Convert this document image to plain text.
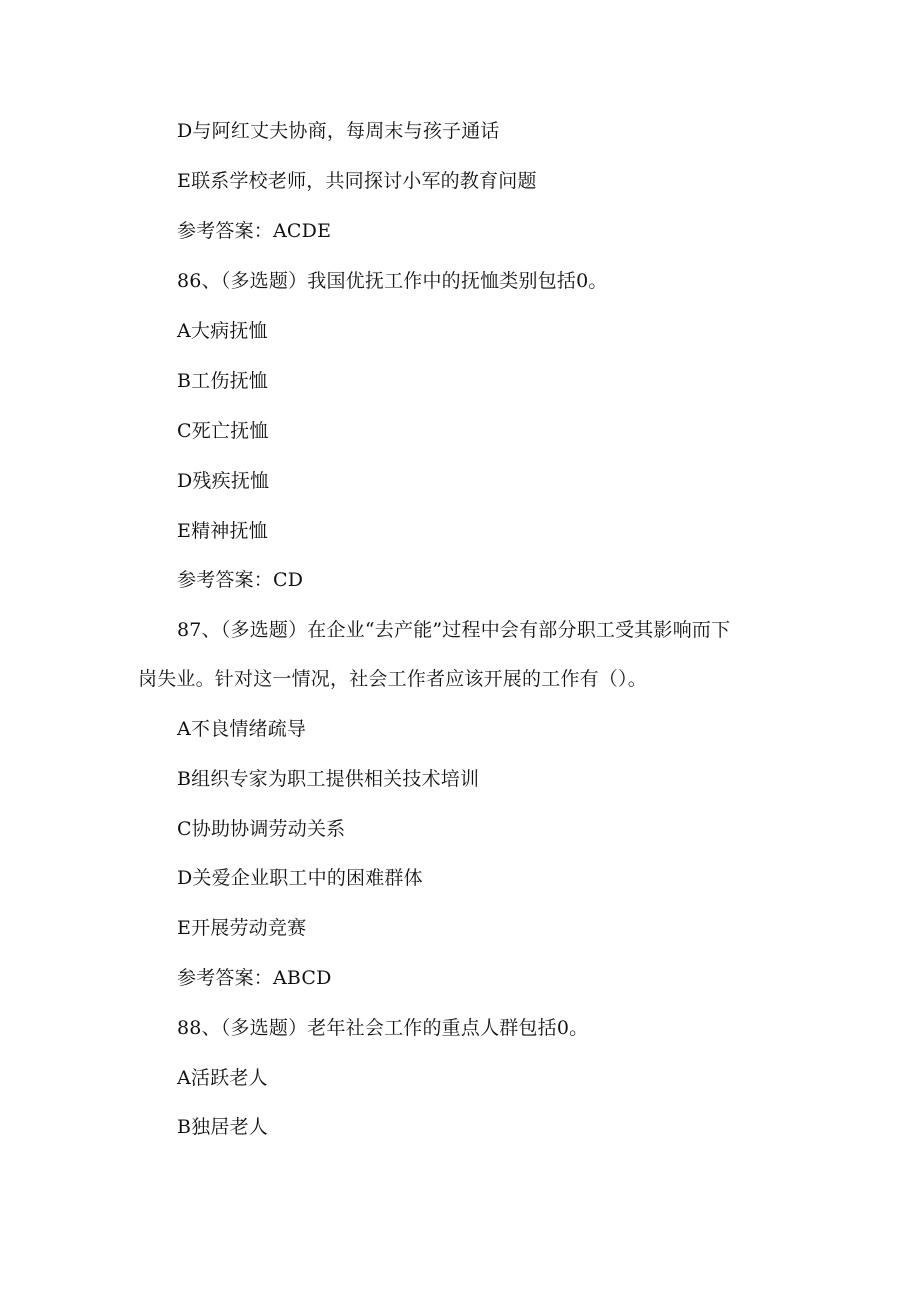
D与阿红丈夫协商，每周末与孩子通话
E联系学校老师，共同探讨小军的教育问题
参考答案：ACDE
86、（多选题）我国优抚工作中的抚恤类别包括0。
A大病抚恤
B工伤抚恤
C死亡抚恤
D残疾抚恤
E精神抚恤
参考答案：CD
87、（多选题）在企业“去产能”过程中会有部分职工受其影响而下
岗失业。针对这一情况，社会工作者应该开展的工作有（）。
A不良情绪疏导
B组织专家为职工提供相关技术培训
C协助协调劳动关系
D关爱企业职工中的困难群体
E开展劳动竞赛
参考答案：ABCD
88、（多选题）老年社会工作的重点人群包括0。
A活跃老人
B独居老人
